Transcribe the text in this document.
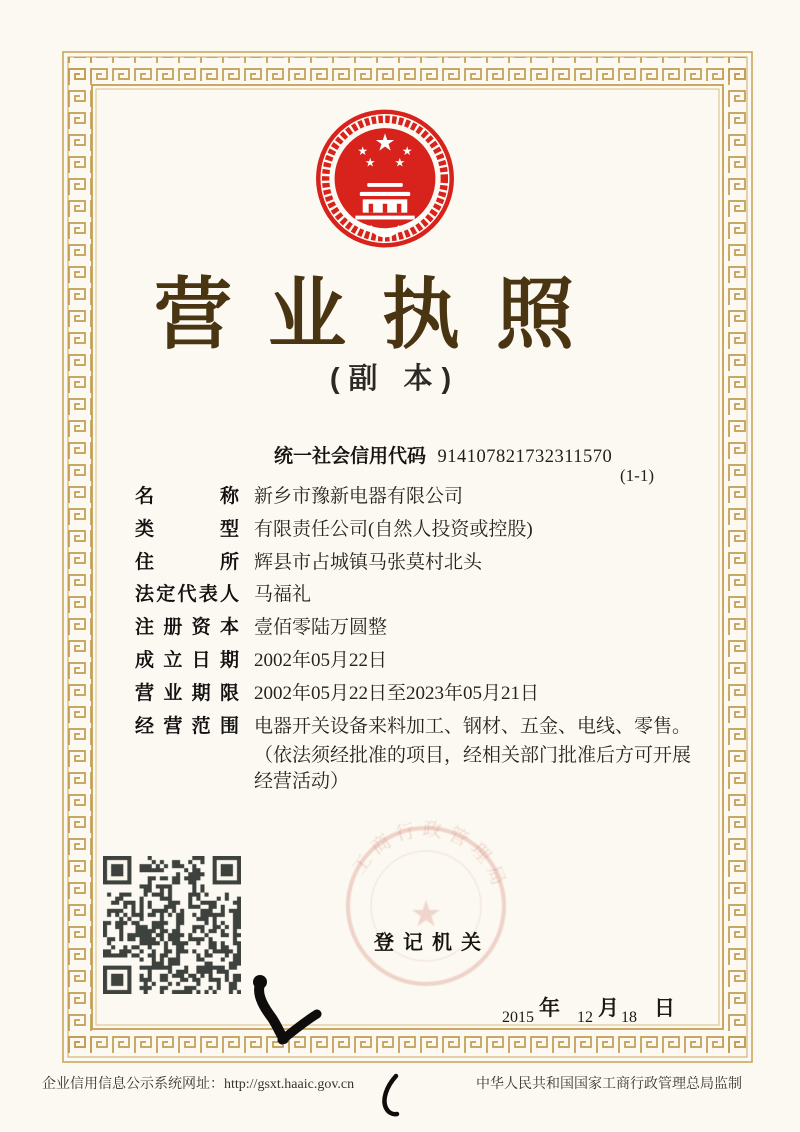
★
★	★
★ ★
营业执照
(副 本)
统一社会信用代码 914107821732311570
(1-1)
名称 新乡市豫新电器有限公司
类型 有限责任公司(自然人投资或控股)
住所 辉县市占城镇马张莫村北头
法定代表人 马福礼
注册资本 壹佰零陆万圆整
成立日期 2002年05月22日
营业期限 2002年05月22日至2023年05月21日
经营范围 电器开关设备来料加工、钢材、五金、电线、零售。
（依法须经批准的项目，经相关部门批准后方可开展经营活动）
工商行政管理局
★
登记机关
2015 年 12 月 18 日
企业信用信息公示系统网址：http://gsxt.haaic.gov.cn	中华人民共和国国家工商行政管理总局监制
